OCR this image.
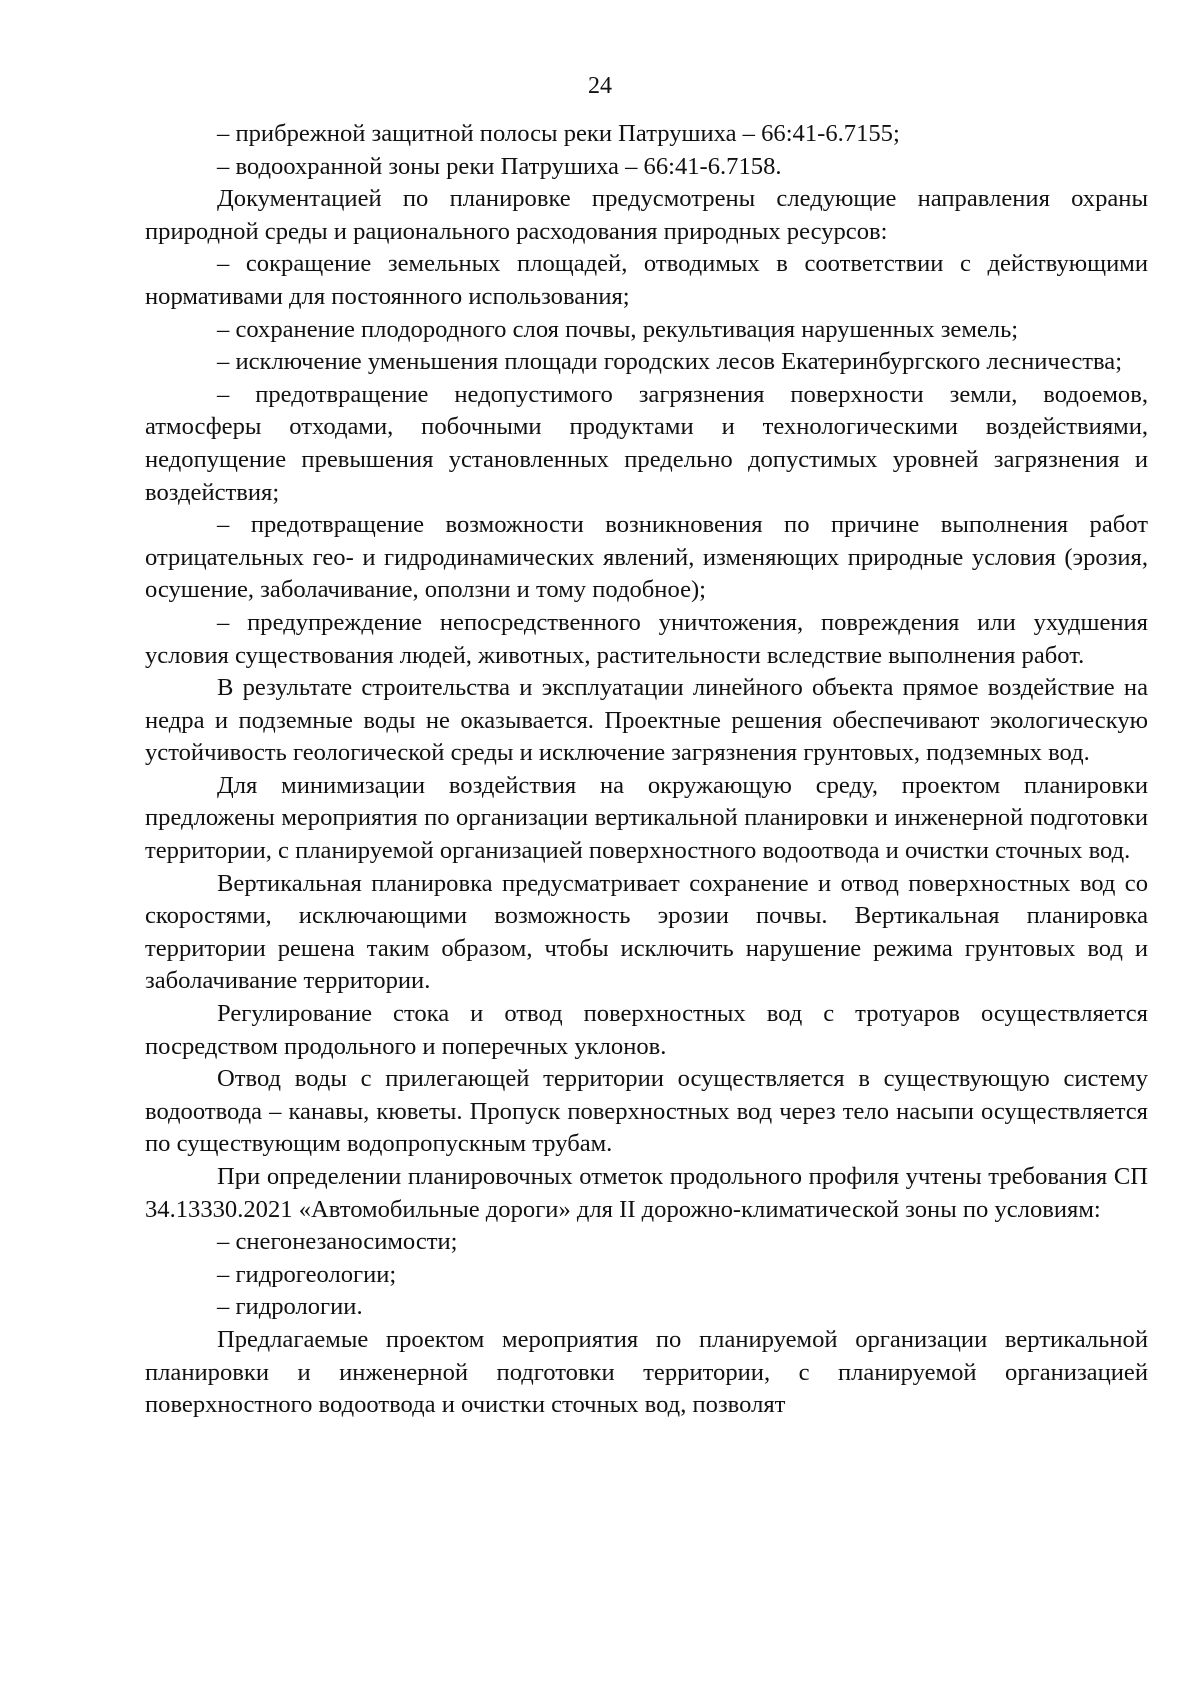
24

– прибрежной защитной полосы реки Патрушиха – 66:41-6.7155;

– водоохранной зоны реки Патрушиха – 66:41-6.7158.

Документацией по планировке предусмотрены следующие направления охраны природной среды и рационального расходования природных ресурсов:

– сокращение земельных площадей, отводимых в соответствии с действующими нормативами для постоянного использования;

– сохранение плодородного слоя почвы, рекультивация нарушенных земель;

– исключение уменьшения площади городских лесов Екатеринбургского лесничества;

– предотвращение недопустимого загрязнения поверхности земли, водоемов, атмосферы отходами, побочными продуктами и технологическими воздействиями, недопущение превышения установленных предельно допустимых уровней загрязнения и воздействия;

– предотвращение возможности возникновения по причине выполнения работ отрицательных гео- и гидродинамических явлений, изменяющих природные условия (эрозия, осушение, заболачивание, оползни и тому подобное);

– предупреждение непосредственного уничтожения, повреждения или ухудшения условия существования людей, животных, растительности вследствие выполнения работ.

В результате строительства и эксплуатации линейного объекта прямое воздействие на недра и подземные воды не оказывается. Проектные решения обеспечивают экологическую устойчивость геологической среды и исключение загрязнения грунтовых, подземных вод.

Для минимизации воздействия на окружающую среду, проектом планировки предложены мероприятия по организации вертикальной планировки и инженерной подготовки территории, с планируемой организацией поверхностного водоотвода и очистки сточных вод.

Вертикальная планировка предусматривает сохранение и отвод поверхностных вод со скоростями, исключающими возможность эрозии почвы. Вертикальная планировка территории решена таким образом, чтобы исключить нарушение режима грунтовых вод и заболачивание территории.

Регулирование стока и отвод поверхностных вод с тротуаров осуществляется посредством продольного и поперечных уклонов.

Отвод воды с прилегающей территории осуществляется в существующую систему водоотвода – канавы, кюветы. Пропуск поверхностных вод через тело насыпи осуществляется по существующим водопропускным трубам.

При определении планировочных отметок продольного профиля учтены требования СП 34.13330.2021 «Автомобильные дороги» для II дорожно-климатической зоны по условиям:

– снегонезаносимости;

– гидрогеологии;

– гидрологии.

Предлагаемые проектом мероприятия по планируемой организации вертикальной планировки и инженерной подготовки территории, с планируемой организацией поверхностного водоотвода и очистки сточных вод, позволят
